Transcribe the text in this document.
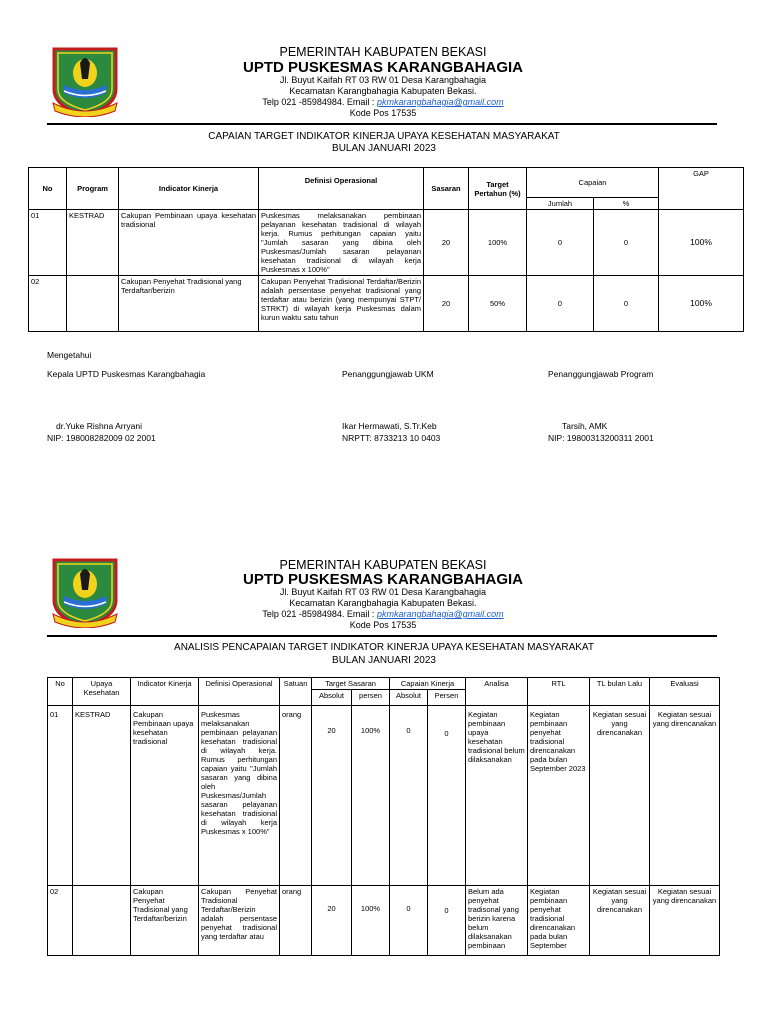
PEMERINTAH KABUPATEN BEKASI
UPTD PUSKESMAS KARANGBAHAGIA
Jl. Buyut Kaifah RT 03 RW 01 Desa Karangbahagia
Kecamatan Karangbahagia Kabupaten Bekasi.
Telp 021 -85984984. Email : pkmkarangbahagia@gmail.com
Kode Pos 17535
CAPAIAN TARGET INDIKATOR KINERJA UPAYA KESEHATAN MASYARAKAT
BULAN JANUARI 2023
No	Program	Indicator Kinerja	Definisi Operasional	Sasaran	Target Pertahun (%)	Capaian		GAP
						Jumlah	%	
01	KESTRAD	Cakupan Pembinaan upaya kesehatan tradisional	Puskesmas melaksanakan pembinaan pelayanan kesehatan tradisional di wilayah kerja. Rumus perhitungan capaian yaitu "Jumlah sasaran yang dibina oleh Puskesmas/Jumlah sasaran pelayanan kesehatan tradisional di wilayah kerja Puskesmas x 100%"	20	100%	0	0	100%
02		Cakupan Penyehat Tradisional yang Terdaftar/berizin	Cakupan Penyehat Tradisional Terdaftar/Berizin adalah persentase penyehat tradisional yang terdaftar atau berizin (yang mempunyai STPT/ STRKT) di wilayah kerja Puskesmas dalam kurun waktu satu tahun	20	50%	0	0	100%
Mengetahui
Kepala UPTD Puskesmas Karangbahagia	Penanggungjawab UKM	Penanggungjawab Program
dr.Yuke Rishna Arryani
NIP: 198008282009 02 2001
Ikar Hermawati, S.Tr.Keb
NRPTT: 8733213 10 0403
Tarsih, AMK
NIP: 19800313200311 2001
PEMERINTAH KABUPATEN BEKASI
UPTD PUSKESMAS KARANGBAHAGIA
Jl. Buyut Kaifah RT 03 RW 01 Desa Karangbahagia
Kecamatan Karangbahagia Kabupaten Bekasi.
Telp 021 -85984984. Email : pkmkarangbahagia@gmail.com
Kode Pos 17535
ANALISIS PENCAPAIAN TARGET INDIKATOR KINERJA UPAYA KESEHATAN MASYARAKAT
BULAN JANUARI 2023
No	Upaya Kesehatan	Indicator Kinerja	Definisi Operasional	Satuan	Target Sasaran		Capaian Kinerja		Analisa	RTL	TL bulan Lalu	Evaluasi
					Absolut	persen	Absolut	Persen				
01	KESTRAD	Cakupan Pembinaan upaya kesehatan tradisional	Puskesmas melaksanakan pembinaan pelayanan kesehatan tradisional di wilayah kerja. Rumus perhitungan capaian yaitu "Jumlah sasaran yang dibina oleh Puskesmas/Jumlah sasaran pelayanan kesehatan tradisional di wilayah kerja Puskesmas x 100%"	orang	20	100%	0	0	Kegiatan pembinaan upaya kesehatan tradisional belum dilaksanakan	Kegiatan pembinaan penyehat tradisional direncanakan pada bulan September 2023	Kegiatan sesuai yang direncanakan	Kegiatan sesuai yang direncanakan
02		Cakupan Penyehat Tradisional yang Terdaftar/berizin	Cakupan Penyehat Tradisional Terdaftar/Berizin adalah persentase penyehat tradisional yang terdaftar atau	orang	20	100%	0	0	Belum ada penyehat tradisonal yang berizin karena belum dilaksanakan pembinaan	Kegiatan pembinaan penyehat tradisional direncanakan pada bulan September	Kegiatan sesuai yang direncanakan	Kegiatan sesuai yang direncanakan
